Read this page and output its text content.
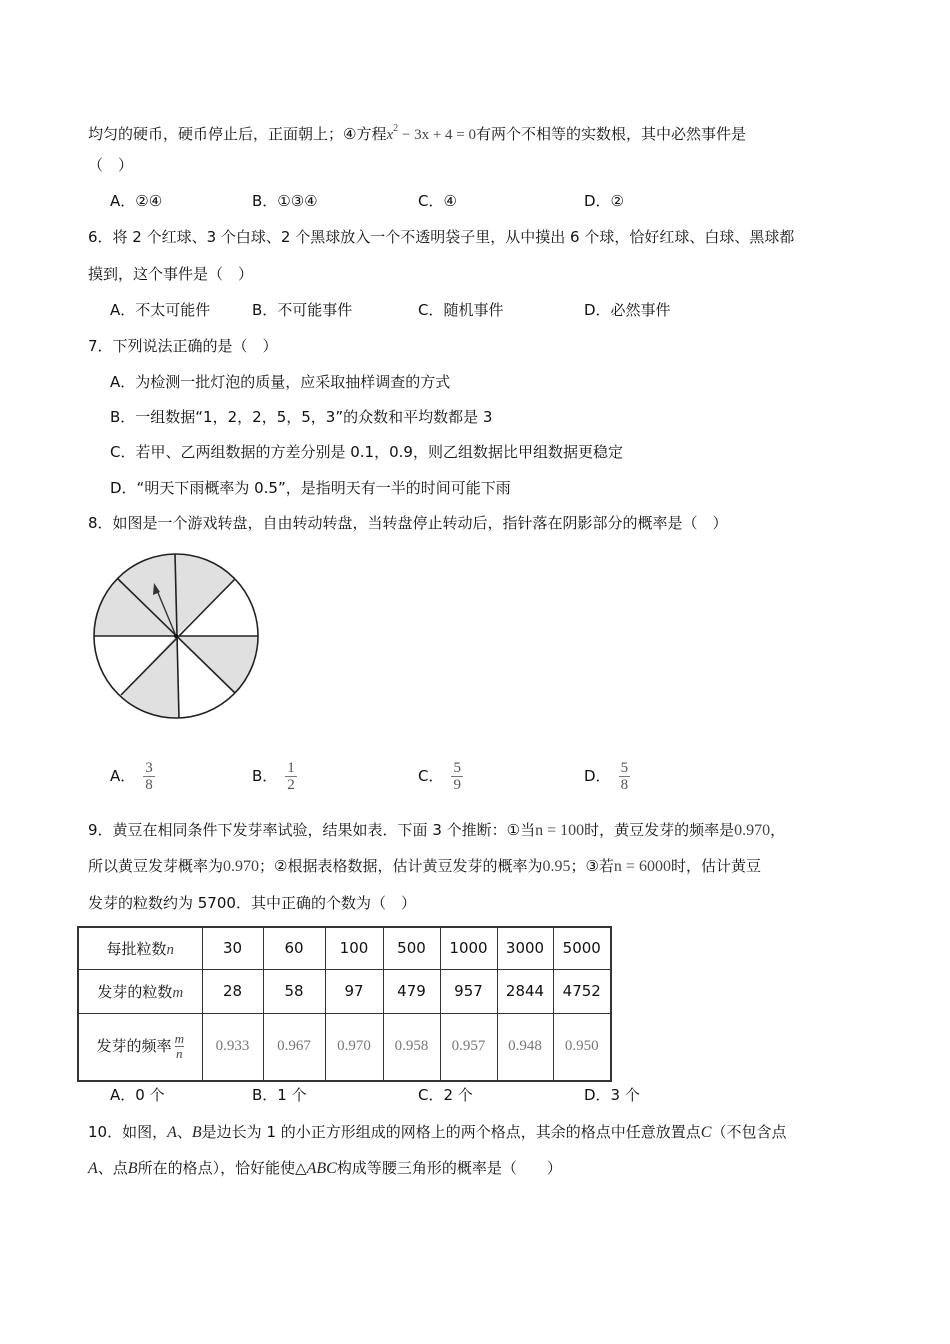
均匀的硬币，硬币停止后，正面朝上；④方程$x^2 - 3x + 4 = 0$有两个不相等的实数根，其中必然事件是
（　）
A．②④	B．①③④	C．④	D．②
6．将 2 个红球、3 个白球、2 个黑球放入一个不透明袋子里，从中摸出 6 个球，恰好红球、白球、黑球都
摸到，这个事件是（　）
A．不太可能件	B．不可能事件	C．随机事件	D．必然事件
7．下列说法正确的是（　）
A．为检测一批灯泡的质量，应采取抽样调查的方式
B．一组数据“1，2，2，5，5，3”的众数和平均数都是 3
C．若甲、乙两组数据的方差分别是 0.1，0.9，则乙组数据比甲组数据更稳定
D．“明天下雨概率为 0.5”，是指明天有一半的时间可能下雨
8．如图是一个游戏转盘，自由转动转盘，当转盘停止转动后，指针落在阴影部分的概率是（　）
A． $\frac{3}{8}$	B． $\frac{1}{2}$	C． $\frac{5}{9}$	D． $\frac{5}{8}$
9．黄豆在相同条件下发芽率试验，结果如表．下面 3 个推断：①当n = 100时，黄豆发芽的频率是0.970，
所以黄豆发芽概率为0.970；②根据表格数据，估计黄豆发芽的概率为0.95；③若n = 6000时，估计黄豆
发芽的粒数约为 5700．其中正确的个数为（　）
每批粒数n	30	60	100	500	1000	3000	5000
发芽的粒数m	28	58	97	479	957	2844	4752
发芽的频率 $\frac{m}{n}$	0.933	0.967	0.970	0.958	0.957	0.948	0.950
A．0 个	B．1 个	C．2 个	D．3 个
10．如图，A、B是边长为 1 的小正方形组成的网格上的两个格点，其余的格点中任意放置点C（不包含点
A、点B所在的格点），恰好能使△ABC构成等腰三角形的概率是（　　）
